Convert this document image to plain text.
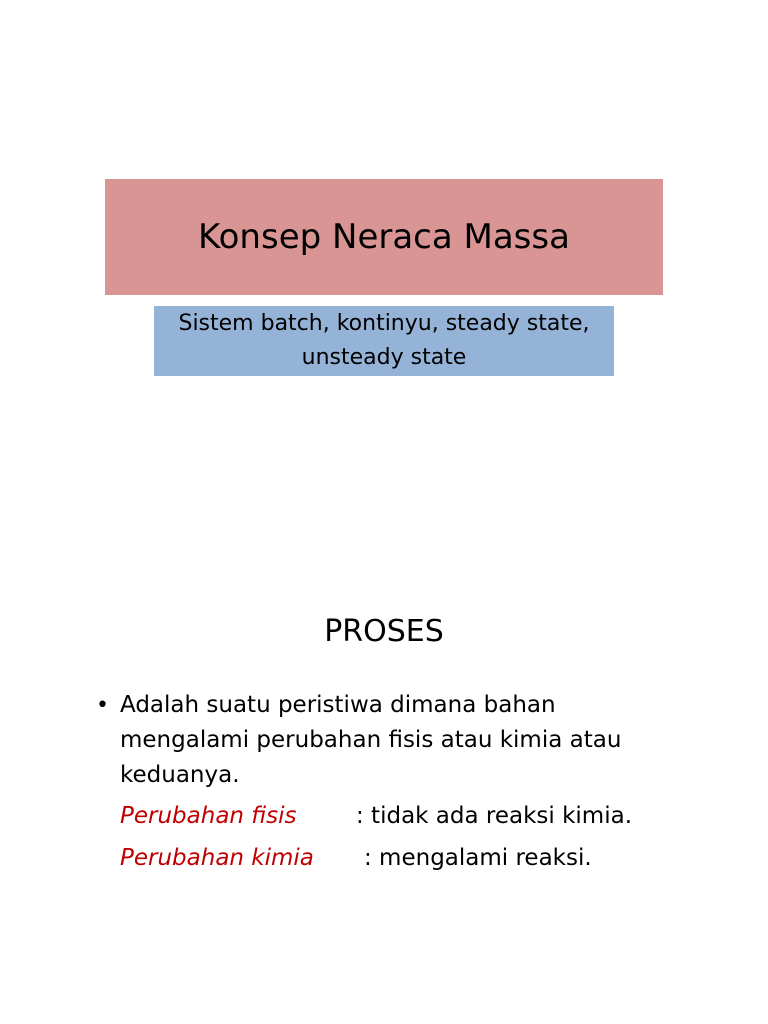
Konsep Neraca Massa
Sistem batch, kontinyu, steady state, unsteady state
PROSES
• Adalah suatu peristiwa dimana bahan mengalami perubahan fisis atau kimia atau keduanya.
Perubahan fisis	: tidak ada reaksi kimia.
Perubahan kimia : mengalami reaksi.
